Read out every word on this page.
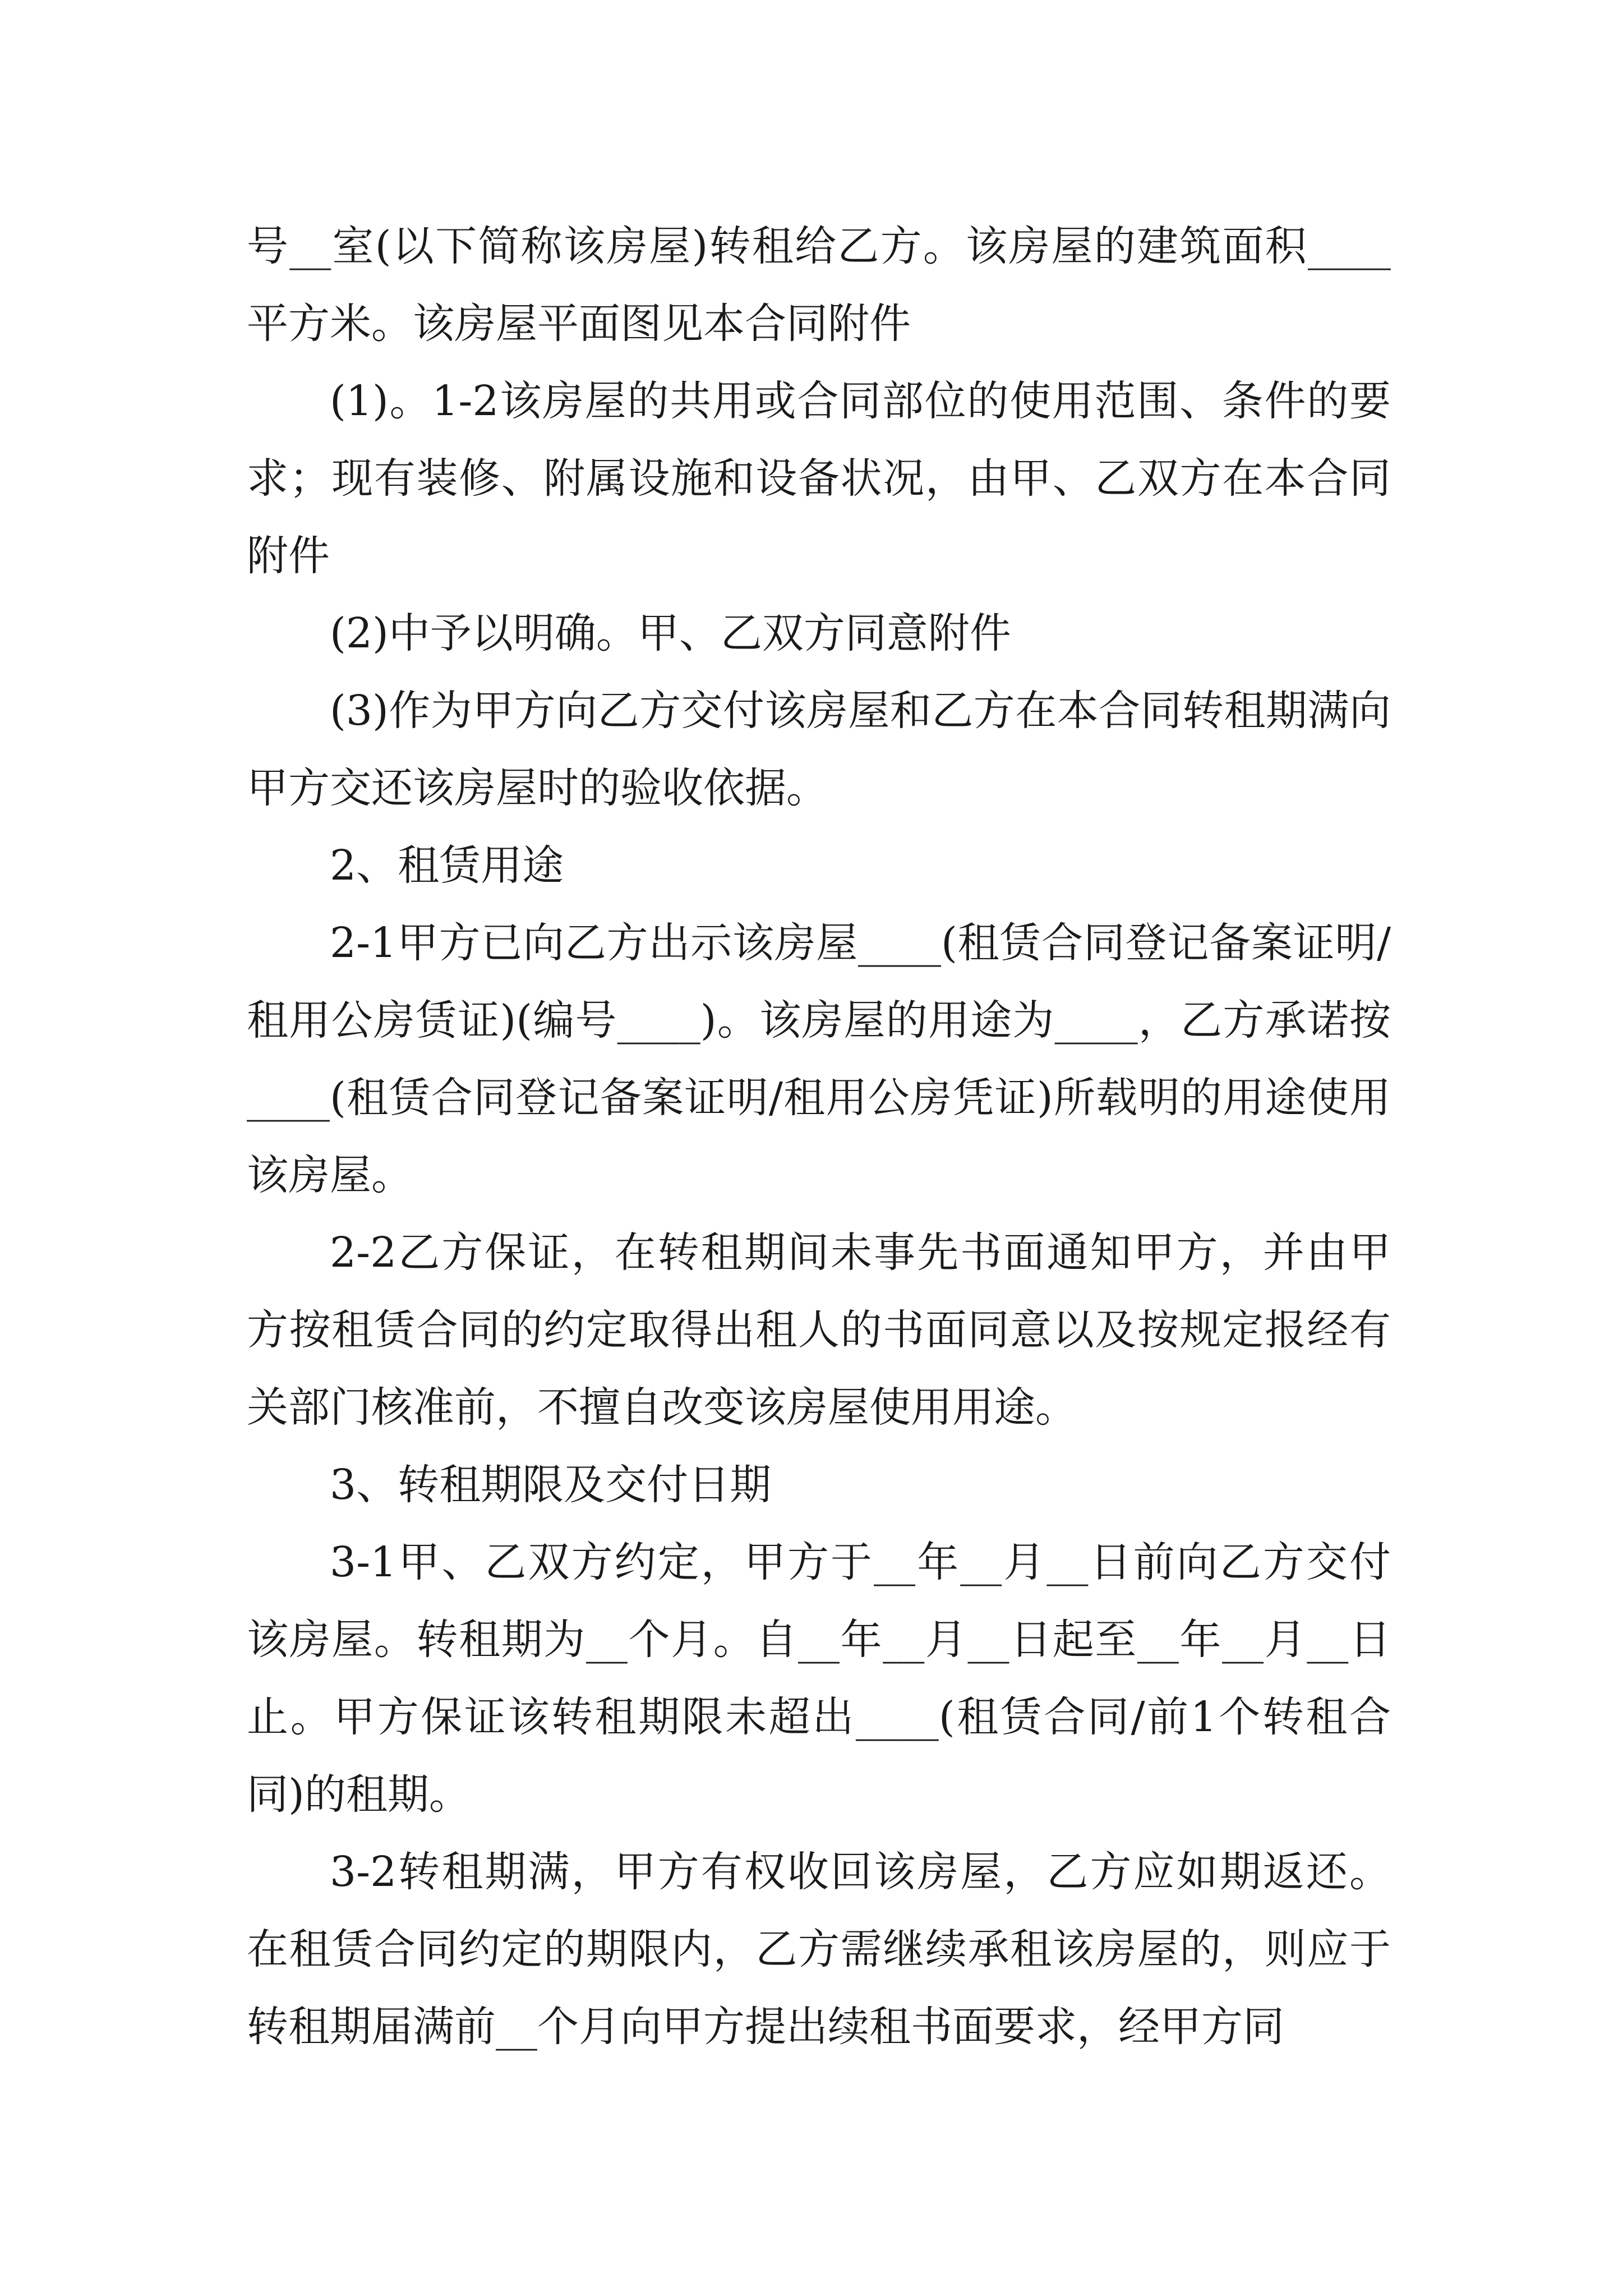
号__室(以下简称该房屋)转租给乙方。该房屋的建筑面积____平方米。该房屋平面图见本合同附件

(1)。1-2该房屋的共用或合同部位的使用范围、条件的要求；现有装修、附属设施和设备状况，由甲、乙双方在本合同附件

(2)中予以明确。甲、乙双方同意附件

(3)作为甲方向乙方交付该房屋和乙方在本合同转租期满向甲方交还该房屋时的验收依据。

2、租赁用途

2-1甲方已向乙方出示该房屋____(租赁合同登记备案证明/租用公房赁证)(编号____)。该房屋的用途为____，乙方承诺按____(租赁合同登记备案证明/租用公房凭证)所载明的用途使用该房屋。

2-2乙方保证，在转租期间未事先书面通知甲方，并由甲方按租赁合同的约定取得出租人的书面同意以及按规定报经有关部门核准前，不擅自改变该房屋使用用途。

3、转租期限及交付日期

3-1甲、乙双方约定，甲方于__年__月__日前向乙方交付该房屋。转租期为__个月。自__年__月__日起至__年__月__日止。甲方保证该转租期限未超出____(租赁合同/前1个转租合同)的租期。

3-2转租期满，甲方有权收回该房屋，乙方应如期返还。在租赁合同约定的期限内，乙方需继续承租该房屋的，则应于转租期届满前__个月向甲方提出续租书面要求，经甲方同
